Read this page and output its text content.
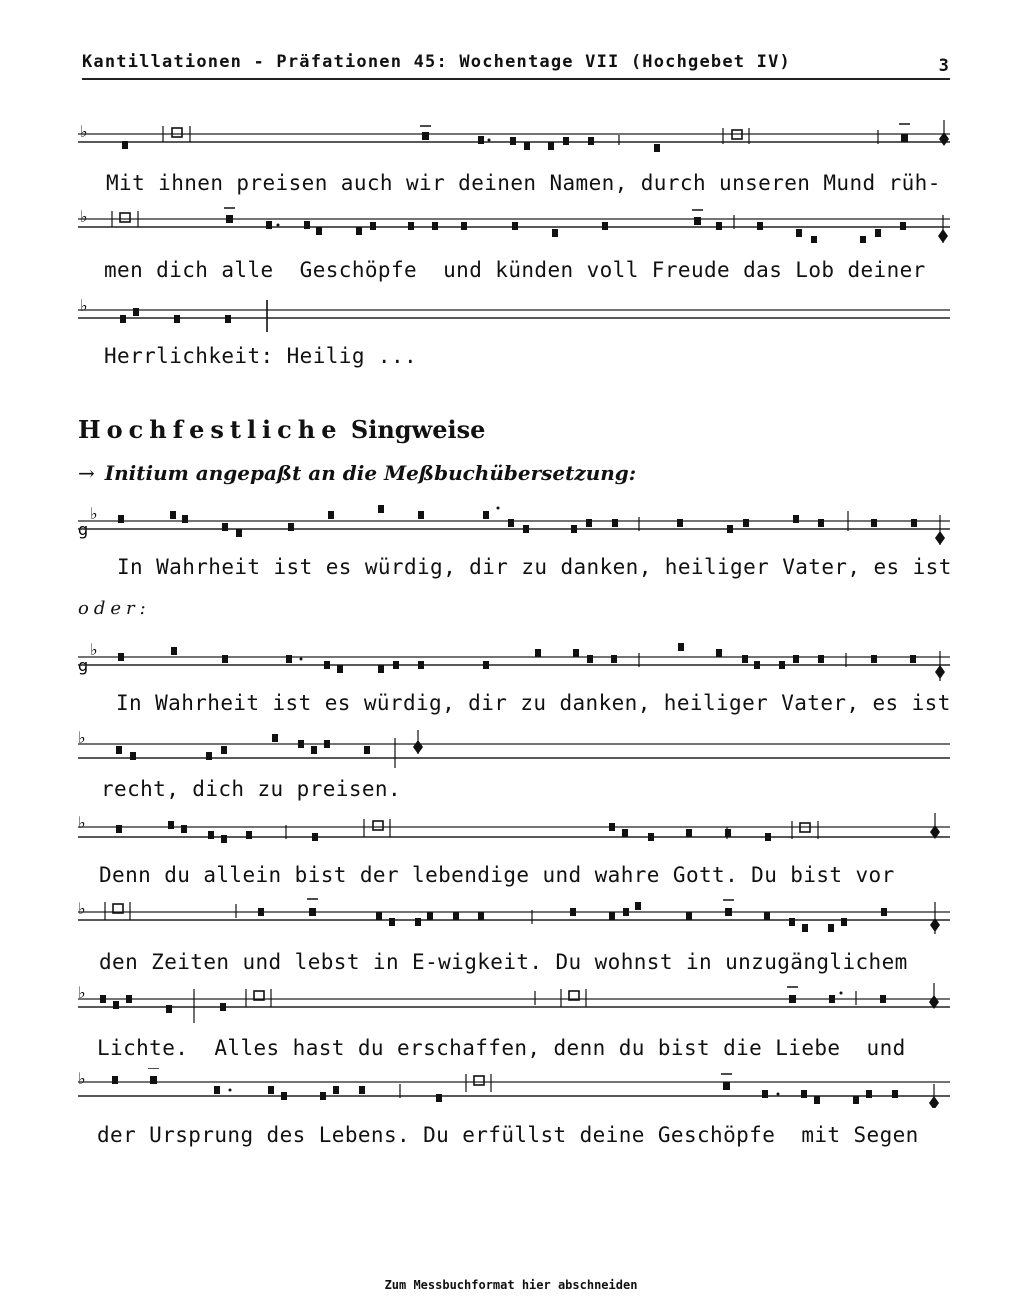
Kantillationen - Präfationen 45: Wochentage VII (Hochgebet IV)	3
♭
Mit ihnen preisen auch wir deinen Namen, durch unseren Mund rüh-
♭
men dich alle  Geschöpfe  und künden voll Freude das Lob deiner
♭
Herrlichkeit: Heilig ...
Hochfestliche Singweise
→ Initium angepaßt an die Meßbuchübersetzung:
♭
g
In Wahrheit ist es würdig, dir zu danken, heiliger Vater, es ist
oder:
♭
g
In Wahrheit ist es würdig, dir zu danken, heiliger Vater, es ist
♭
recht, dich zu preisen.
♭
Denn du allein bist der lebendige und wahre Gott. Du bist vor
♭
den Zeiten und lebst in E-wigkeit. Du wohnst in unzugänglichem
♭
Lichte.  Alles hast du erschaffen, denn du bist die Liebe  und
♭
der Ursprung des Lebens. Du erfüllst deine Geschöpfe  mit Segen
Zum Messbuchformat hier abschneiden
